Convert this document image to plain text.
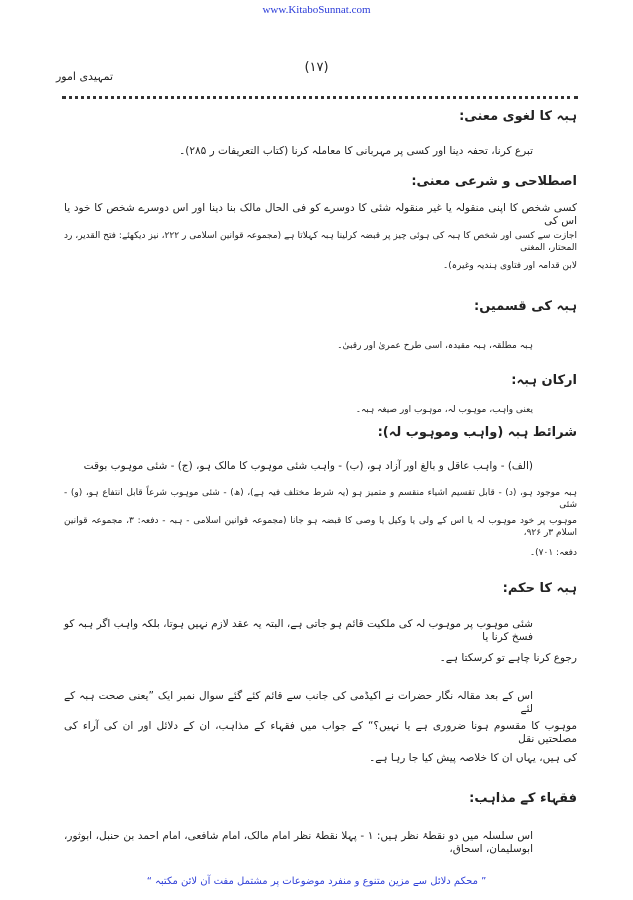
www.KitaboSunnat.com
(۱۷)
تمہیدی امور
ہبہ کا لغوی معنی:
تبرع کرنا، تحفہ دینا اور کسی پر مہربانی کا معاملہ کرنا (کتاب التعریفات ر ۲۸۵)۔
اصطلاحی و شرعی معنی:
کسی شخص کا اپنی منقولہ یا غیر منقولہ شئی کا دوسرے کو فی الحال مالک بنا دینا اور اس دوسرے شخص کا خود یا اس کی
اجازت سے کسی اور شخص کا ہبہ کی ہوئی چیز پر قبضہ کرلینا ہبہ کہلاتا ہے (مجموعہ قوانین اسلامی ر ۲۲۲، نیز دیکھئے: فتح القدیر، رد المحتار، المغنی
لابن قدامہ اور فتاوی ہندیہ وغیرہ)۔
ہبہ کی قسمیں:
ہبہ مطلقہ، ہبہ مقیدہ، اسی طرح عمریٰ اور رقبیٰ۔
ارکان ہبہ:
یعنی واہب، موہوب لہ، موہوب اور صیغہ ہبہ۔
شرائط ہبہ (واہب وموہوب لہ):
(الف) - واہب عاقل و بالغ اور آزاد ہو، (ب) - واہب شئی موہوب کا مالک ہو، (ج) - شئی موہوب بوقت
ہبہ موجود ہو، (د) - قابل تقسیم اشیاء منقسم و متمیز ہو (یہ شرط مختلف فیہ ہے)، (ھ) - شئی موہوب شرعاً قابل انتفاع ہو، (و) - شئی
موہوب پر خود موہوب لہ یا اس کے ولی یا وکیل یا وصی کا قبضہ ہو جانا (مجموعہ قوانین اسلامی - ہبہ - دفعہ: ۳، مجموعہ قوانین اسلام ۳ر ۹۲۶،
دفعہ: ۷۰۱)۔
ہبہ کا حکم:
شئی موہوب پر موہوب لہ کی ملکیت قائم ہو جاتی ہے، البتہ یہ عقد لازم نہیں ہوتا، بلکہ واہب اگر ہبہ کو فسخ کرنا یا
رجوع کرنا چاہے تو کرسکتا ہے۔
اس کے بعد مقالہ نگار حضرات نے اکیڈمی کی جانب سے قائم کئے گئے سوال نمبر ایک ”یعنی صحت ہبہ کے لئے
موہوب کا مقسوم ہونا ضروری ہے یا نہیں؟“ کے جواب میں فقہاء کے مذاہب، ان کے دلائل اور ان کی آراء کی مصلحتیں نقل
کی ہیں، یہاں ان کا خلاصہ پیش کیا جا رہا ہے۔
فقہاء کے مذاہب:
اس سلسلہ میں دو نقطۂ نظر ہیں: ۱ - پہلا نقطۂ نظر امام مالک، امام شافعی، امام احمد بن حنبل، ابوثور، ابوسلیمان، اسحاق،
” محکم دلائل سے مزین متنوع و منفرد موضوعات پر مشتمل مفت آن لائن مکتبہ “
